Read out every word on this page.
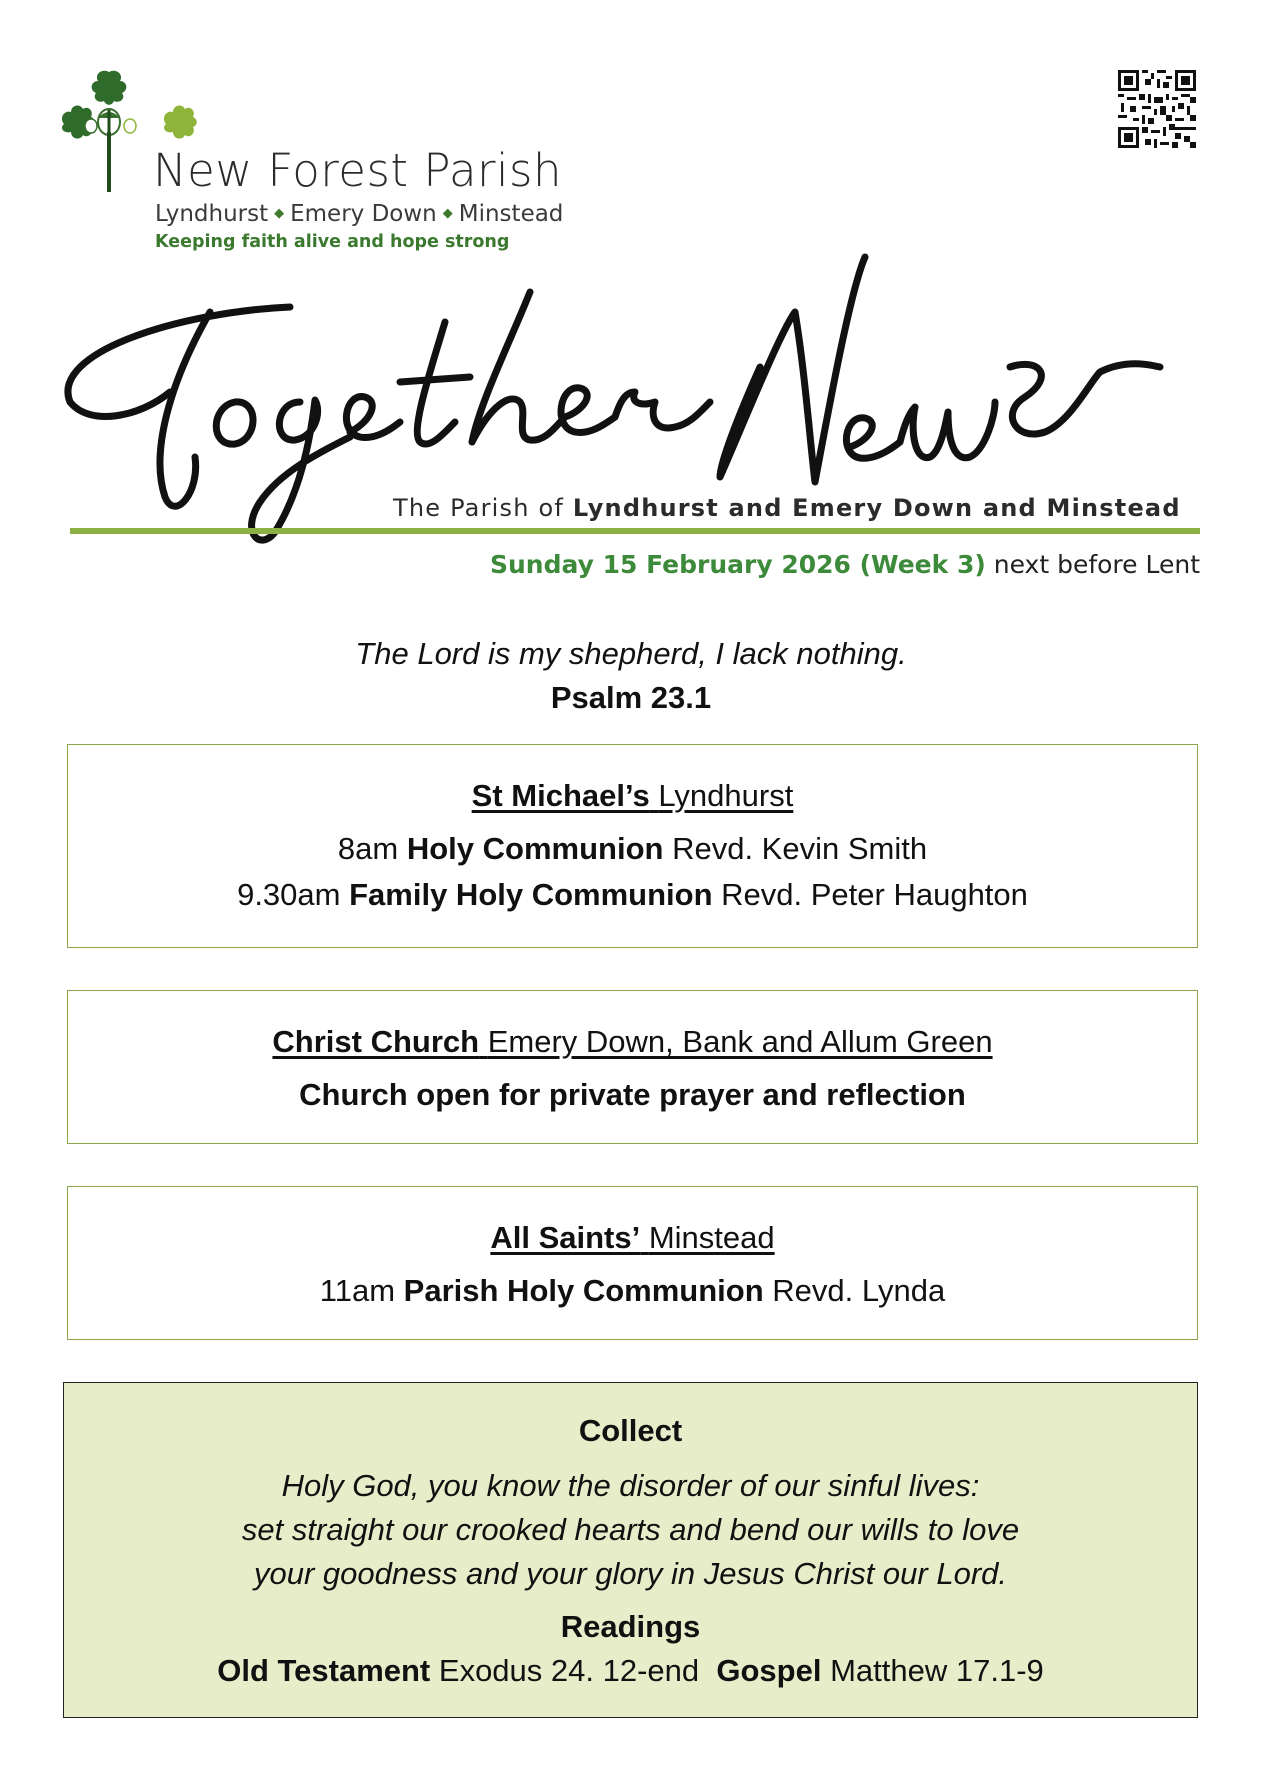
New Forest Parish
Lyndhurst ◆ Emery Down ◆ Minstead
Keeping faith alive and hope strong
The Parish of Lyndhurst and Emery Down and Minstead
Sunday 15 February 2026 (Week 3) next before Lent
The Lord is my shepherd, I lack nothing.
Psalm 23.1
St Michael’s Lyndhurst
8am Holy Communion Revd. Kevin Smith
9.30am Family Holy Communion Revd. Peter Haughton
Christ Church Emery Down, Bank and Allum Green
Church open for private prayer and reflection
All Saints’ Minstead
11am Parish Holy Communion Revd. Lynda
Collect
Holy God, you know the disorder of our sinful lives:
set straight our crooked hearts and bend our wills to love
your goodness and your glory in Jesus Christ our Lord.
Readings
Old Testament Exodus 24. 12-end Gospel Matthew 17.1-9
